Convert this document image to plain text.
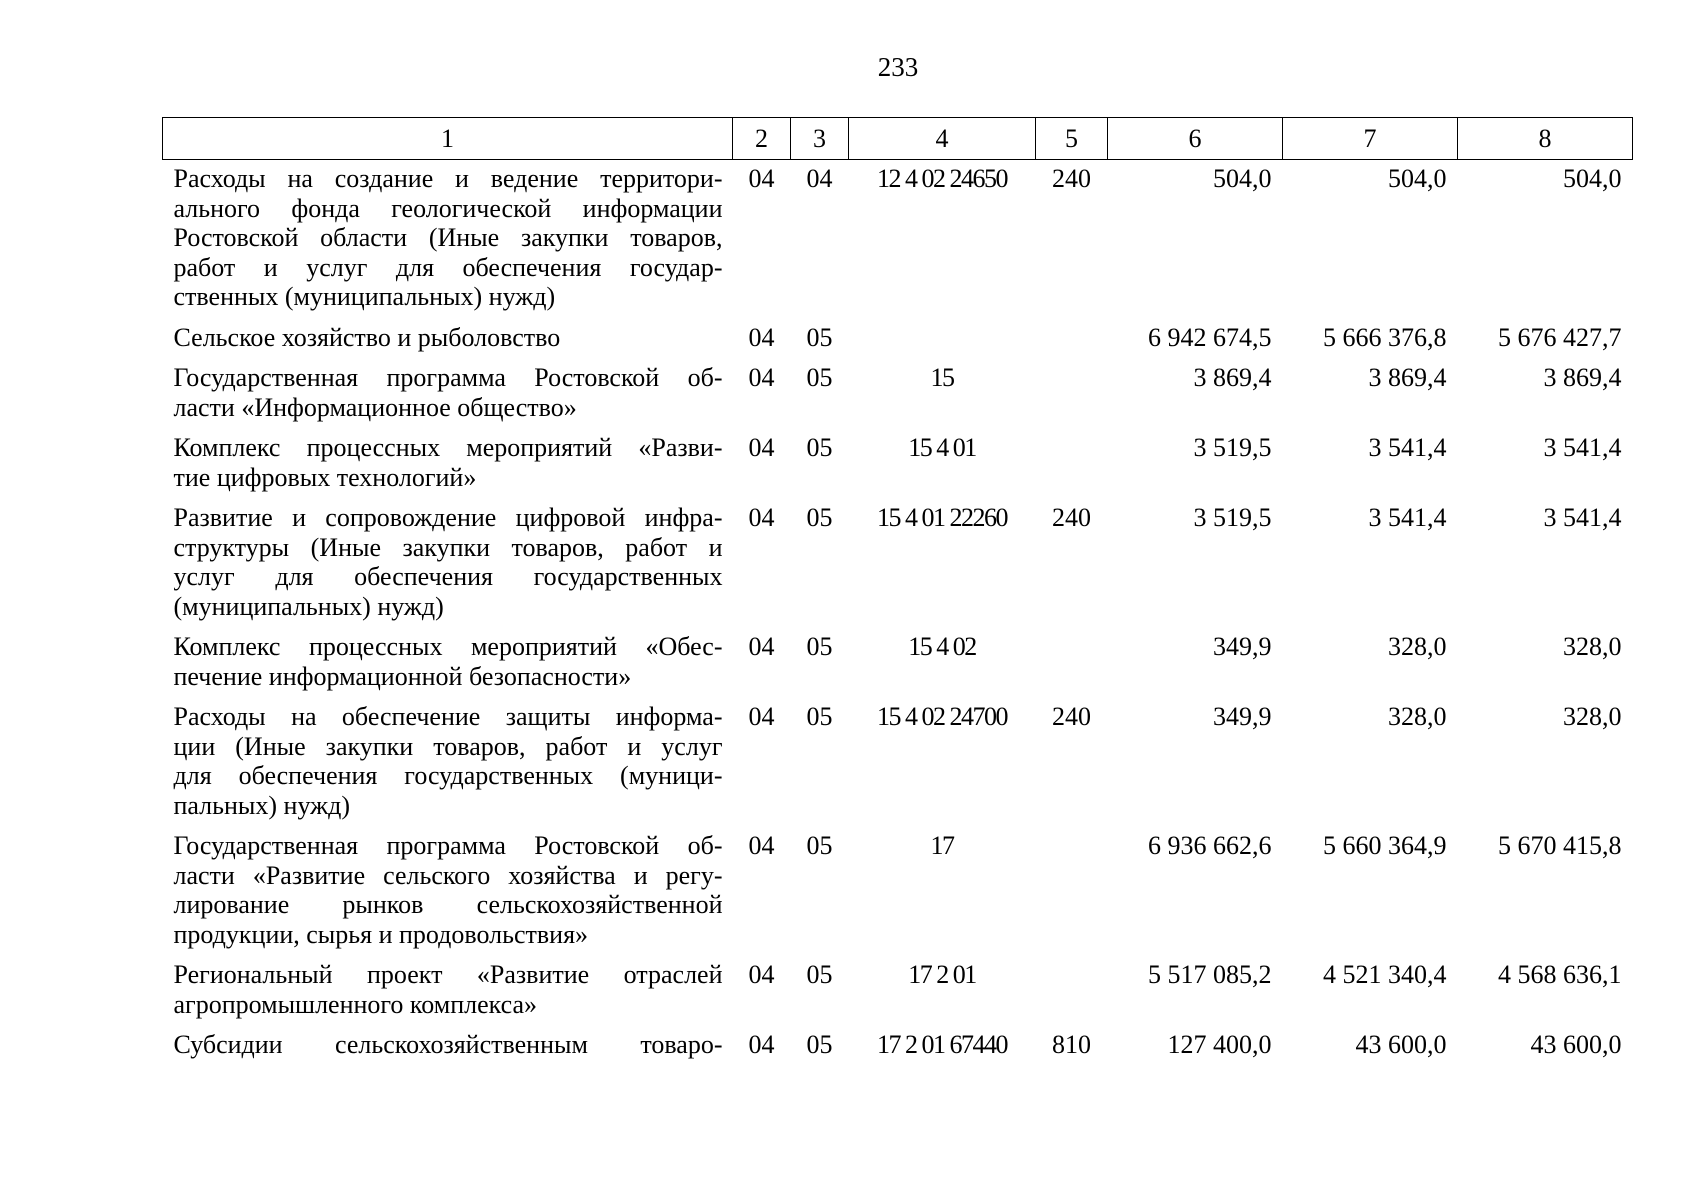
233
1	2	3	4	5	6	7	8

Расходы на создание и ведение территори-
ального фонда геологической информации
Ростовской области (Иные закупки товаров,
работ и услуг для обеспечения государ-
ственных (муниципальных) нужд)	04	04	12 4 02 24650	240	504,0	504,0	504,0

Сельское хозяйство и рыболовство	04	05			6 942 674,5	5 666 376,8	5 676 427,7

Государственная программа Ростовской об-
ласти «Информационное общество»	04	05	15		3 869,4	3 869,4	3 869,4

Комплекс процессных мероприятий «Разви-
тие цифровых технологий»	04	05	15 4 01		3 519,5	3 541,4	3 541,4

Развитие и сопровождение цифровой инфра-
структуры (Иные закупки товаров, работ и
услуг для обеспечения государственных
(муниципальных) нужд)	04	05	15 4 01 22260	240	3 519,5	3 541,4	3 541,4

Комплекс процессных мероприятий «Обес-
печение информационной безопасности»	04	05	15 4 02		349,9	328,0	328,0

Расходы на обеспечение защиты информа-
ции (Иные закупки товаров, работ и услуг
для обеспечения государственных (муници-
пальных) нужд)	04	05	15 4 02 24700	240	349,9	328,0	328,0

Государственная программа Ростовской об-
ласти «Развитие сельского хозяйства и регу-
лирование рынков сельскохозяйственной
продукции, сырья и продовольствия»	04	05	17		6 936 662,6	5 660 364,9	5 670 415,8

Региональный проект «Развитие отраслей
агропромышленного комплекса»	04	05	17 2 01		5 517 085,2	4 521 340,4	4 568 636,1

Субсидии сельскохозяйственным товаро-	04	05	17 2 01 67440	810	127 400,0	43 600,0	43 600,0
